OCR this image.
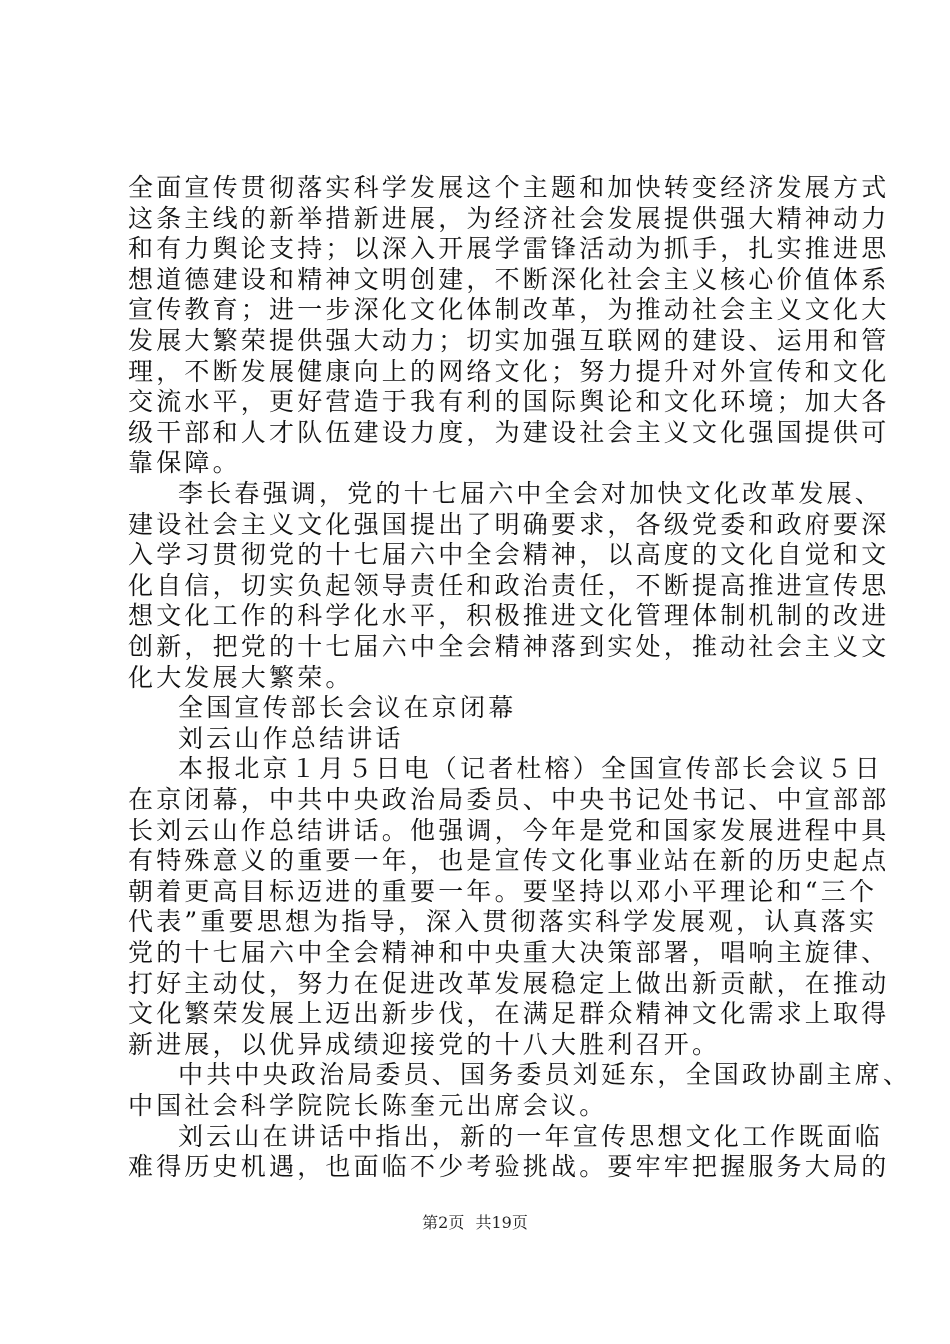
全面宣传贯彻落实科学发展这个主题和加快转变经济发展方式
这条主线的新举措新进展，为经济社会发展提供强大精神动力
和有力舆论支持；以深入开展学雷锋活动为抓手，扎实推进思
想道德建设和精神文明创建，不断深化社会主义核心价值体系
宣传教育；进一步深化文化体制改革，为推动社会主义文化大
发展大繁荣提供强大动力；切实加强互联网的建设、运用和管
理，不断发展健康向上的网络文化；努力提升对外宣传和文化
交流水平，更好营造于我有利的国际舆论和文化环境；加大各
级干部和人才队伍建设力度，为建设社会主义文化强国提供可
靠保障。
李长春强调，党的十七届六中全会对加快文化改革发展、
建设社会主义文化强国提出了明确要求，各级党委和政府要深
入学习贯彻党的十七届六中全会精神，以高度的文化自觉和文
化自信，切实负起领导责任和政治责任，不断提高推进宣传思
想文化工作的科学化水平，积极推进文化管理体制机制的改进
创新，把党的十七届六中全会精神落到实处，推动社会主义文
化大发展大繁荣。
全国宣传部长会议在京闭幕
刘云山作总结讲话
本报北京１月５日电（记者杜榕）全国宣传部长会议５日
在京闭幕，中共中央政治局委员、中央书记处书记、中宣部部
长刘云山作总结讲话。他强调，今年是党和国家发展进程中具
有特殊意义的重要一年，也是宣传文化事业站在新的历史起点
朝着更高目标迈进的重要一年。要坚持以邓小平理论和“三个
代表”重要思想为指导，深入贯彻落实科学发展观，认真落实
党的十七届六中全会精神和中央重大决策部署，唱响主旋律、
打好主动仗，努力在促进改革发展稳定上做出新贡献，在推动
文化繁荣发展上迈出新步伐，在满足群众精神文化需求上取得
新进展，以优异成绩迎接党的十八大胜利召开。
中共中央政治局委员、国务委员刘延东，全国政协副主席、
中国社会科学院院长陈奎元出席会议。
刘云山在讲话中指出，新的一年宣传思想文化工作既面临
难得历史机遇，也面临不少考验挑战。要牢牢把握服务大局的
第2页 共19页
